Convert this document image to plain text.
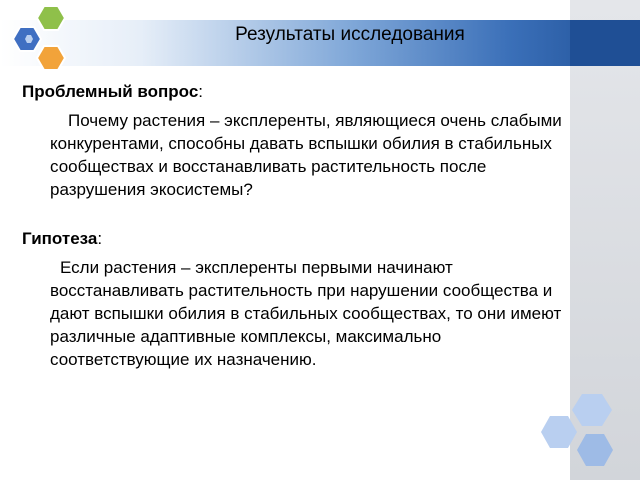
Результаты исследования
Проблемный вопрос:
Почему растения – эксплеренты, являющиеся очень слабыми конкурентами, способны давать вспышки обилия в стабильных сообществах и восстанавливать растительность после разрушения экосистемы?
Гипотеза:
Если растения – эксплеренты первыми начинают восстанавливать растительность при нарушении сообщества и дают вспышки обилия в стабильных сообществах, то они имеют различные адаптивные комплексы, максимально соответствующие их назначению.
